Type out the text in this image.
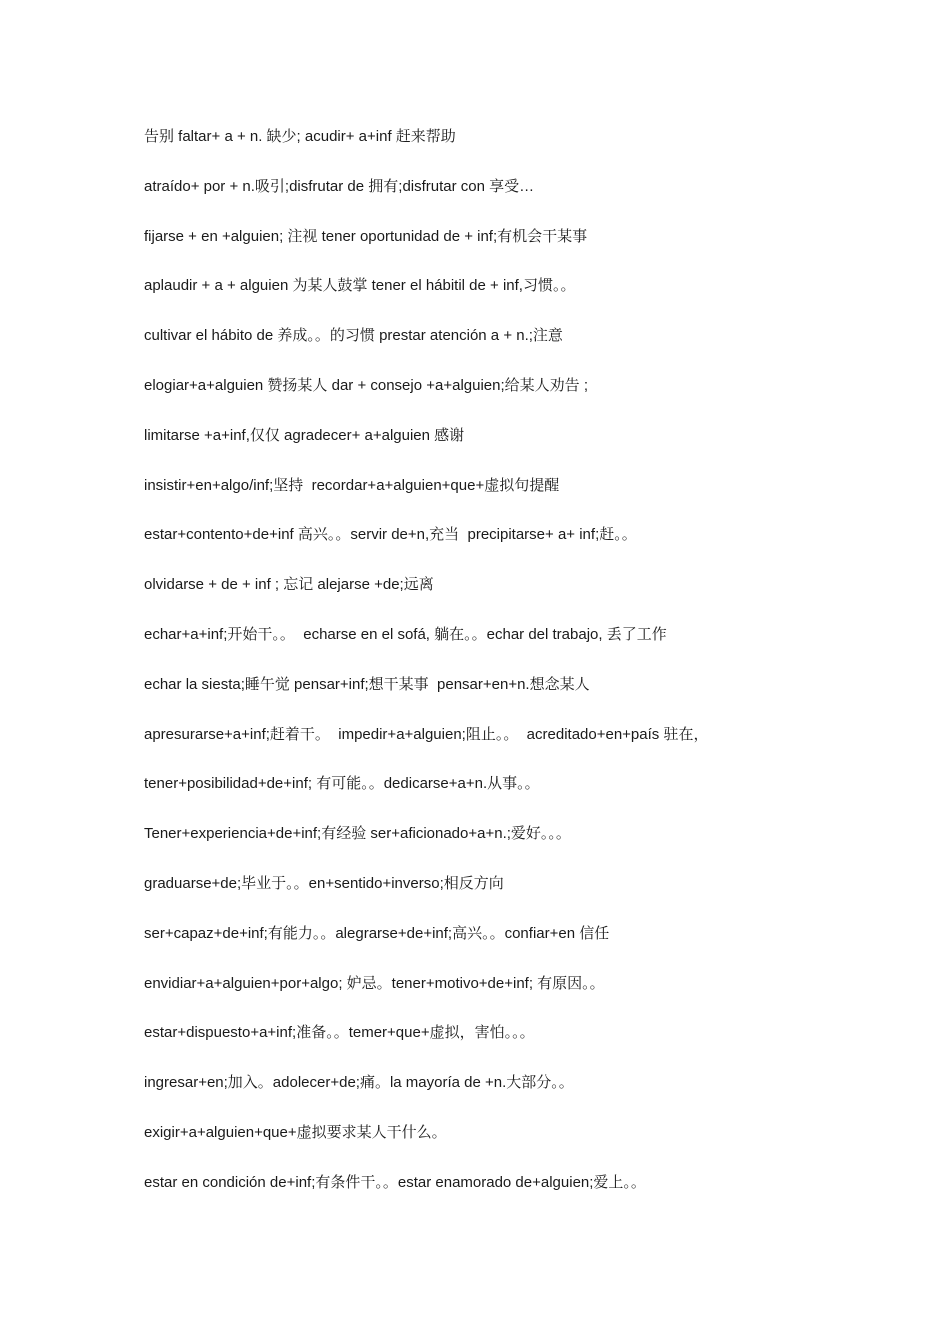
告别 faltar+ a + n. 缺少; acudir+ a+inf 赶来帮助
atraído+ por + n.吸引;disfrutar de 拥有;disfrutar con 享受…
fijarse + en +alguien; 注视 tener oportunidad de + inf;有机会干某事
aplaudir + a + alguien 为某人鼓掌 tener el hábitil de + inf,习惯。。
cultivar el hábito de 养成。。的习惯 prestar atención a + n.;注意
elogiar+a+alguien 赞扬某人 dar + consejo +a+alguien;给某人劝告 ;
limitarse +a+inf,仅仅 agradecer+ a+alguien 感谢
insistir+en+algo/inf;坚持  recordar+a+alguien+que+虚拟句提醒
estar+contento+de+inf 高兴。。servir de+n,充当  precipitarse+ a+ inf;赶。。
olvidarse + de + inf ; 忘记 alejarse +de;远离
echar+a+inf;开始干。。  echarse en el sofá, 躺在。。echar del trabajo, 丢了工作
echar la siesta;睡午觉 pensar+inf;想干某事  pensar+en+n.想念某人
apresurarse+a+inf;赶着干。  impedir+a+alguien;阻止。。  acreditado+en+país 驻在，
tener+posibilidad+de+inf; 有可能。。dedicarse+a+n.从事。。
Tener+experiencia+de+inf;有经验 ser+aficionado+a+n.;爱好。。。
graduarse+de;毕业于。。en+sentido+inverso;相反方向
ser+capaz+de+inf;有能力。。alegrarse+de+inf;高兴。。confiar+en 信任
envidiar+a+alguien+por+algo; 妒忌。tener+motivo+de+inf; 有原因。。
estar+dispuesto+a+inf;准备。。temer+que+虚拟，害怕。。。
ingresar+en;加入。adolecer+de;痛。la mayoría de +n.大部分。。
exigir+a+alguien+que+虚拟要求某人干什么。
estar en condición de+inf;有条件干。。estar enamorado de+alguien;爱上。。
